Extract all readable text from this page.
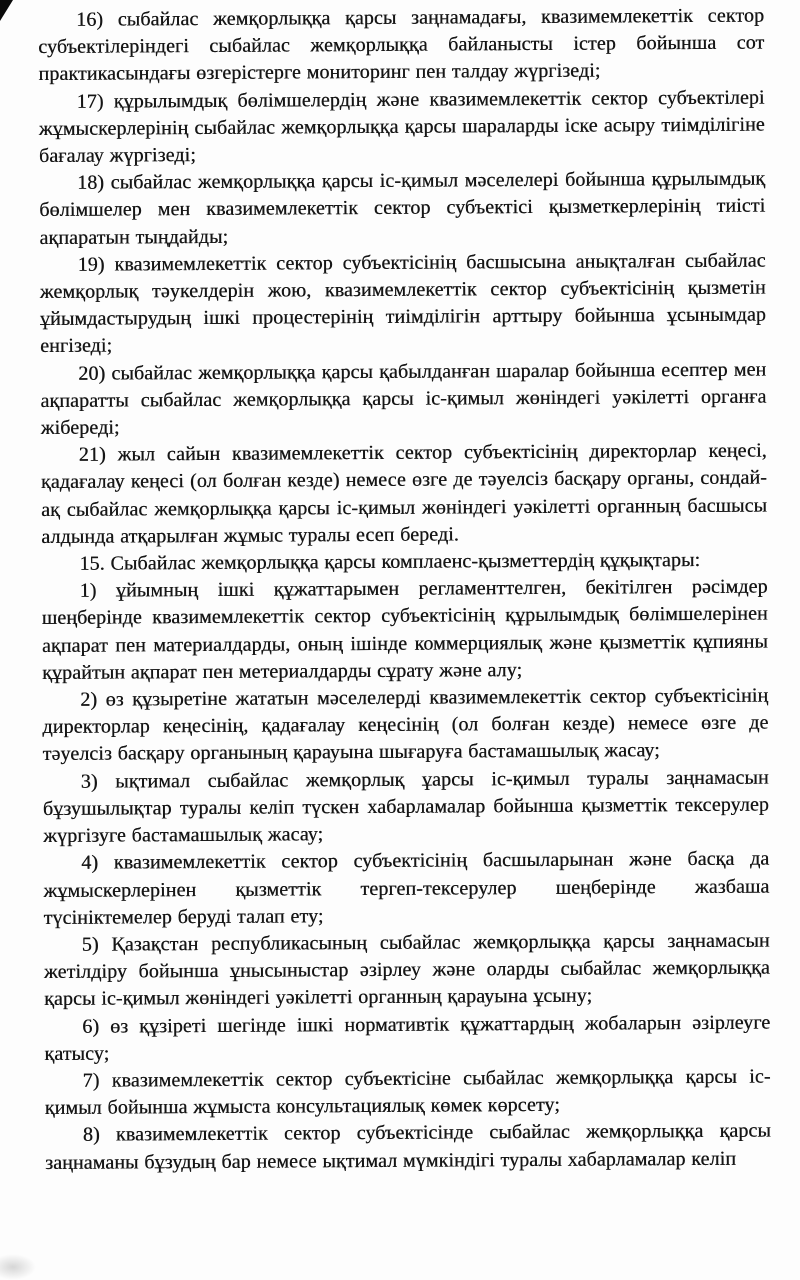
16) сыбайлас жемқорлыққа қарсы заңнамадағы, квазимемлекеттік сектор субъектілеріндегі сыбайлас жемқорлыққа байланысты істер бойынша сот практикасындағы өзгерістерге мониторинг пен талдау жүргізеді;

17) құрылымдық бөлімшелердің және квазимемлекеттік сектор субъектілері жұмыскерлерінің сыбайлас жемқорлыққа қарсы шараларды іске асыру тиімділігіне бағалау жүргізеді;

18) сыбайлас жемқорлыққа қарсы іс-қимыл мәселелері бойынша құрылымдық бөлімшелер мен квазимемлекеттік сектор субъектісі қызметкерлерінің тиісті ақпаратын тыңдайды;

19) квазимемлекеттік сектор субъектісінің басшысына анықталған сыбайлас жемқорлық тәукелдерін жою, квазимемлекеттік сектор субъектісінің қызметін ұйымдастырудың ішкі процестерінің тиімділігін арттыру бойынша ұсынымдар енгізеді;

20) сыбайлас жемқорлыққа қарсы қабылданған шаралар бойынша есептер мен ақпаратты сыбайлас жемқорлыққа қарсы іс-қимыл жөніндегі уәкілетті органға жібереді;

21) жыл сайын квазимемлекеттік сектор субъектісінің директорлар кеңесі, қадағалау кеңесі (ол болған кезде) немесе өзге де тәуелсіз басқару органы, сондай-ақ сыбайлас жемқорлыққа қарсы іс-қимыл жөніндегі уәкілетті органның басшысы алдында атқарылған жұмыс туралы есеп береді.

15. Сыбайлас жемқорлыққа қарсы комплаенс-қызметтердің құқықтары:

1) ұйымның ішкі құжаттарымен регламенттелген, бекітілген рәсімдер шеңберінде квазимемлекеттік сектор субъектісінің құрылымдық бөлімшелерінен ақпарат пен материалдарды, оның ішінде коммерциялық және қызметтік құпияны құрайтын ақпарат пен метериалдарды сұрату және алу;

2) өз құзыретіне жататын мәселелерді квазимемлекеттік сектор субъектісінің директорлар кеңесінің, қадағалау кеңесінің (ол болған кезде) немесе өзге де тәуелсіз басқару органының қарауына шығаруға бастамашылық жасау;

3) ықтимал сыбайлас жемқорлық ұарсы іс-қимыл туралы заңнамасын бұзушылықтар туралы келіп түскен хабарламалар бойынша қызметтік тексерулер жүргізуге бастамашылық жасау;

4) квазимемлекеттік сектор субъектісінің басшыларынан және басқа да жұмыскерлерінен қызметтік тергеп-тексерулер шеңберінде жазбаша түсініктемелер беруді талап ету;

5) Қазақстан республикасының сыбайлас жемқорлыққа қарсы заңнамасын жетілдіру бойынша ұнысыныстар әзірлеу және оларды сыбайлас жемқорлыққа қарсы іс-қимыл жөніндегі уәкілетті органның қарауына ұсыну;

6) өз құзіреті шегінде ішкі нормативтік құжаттардың жобаларын әзірлеуге қатысу;

7) квазимемлекеттік сектор субъектісіне сыбайлас жемқорлыққа қарсы іс-қимыл бойынша жұмыста консультациялық көмек көрсету;

8) квазимемлекеттік сектор субъектісінде сыбайлас жемқорлыққа қарсы заңнаманы бұзудың бар немесе ықтимал мүмкіндігі туралы хабарламалар келіп
